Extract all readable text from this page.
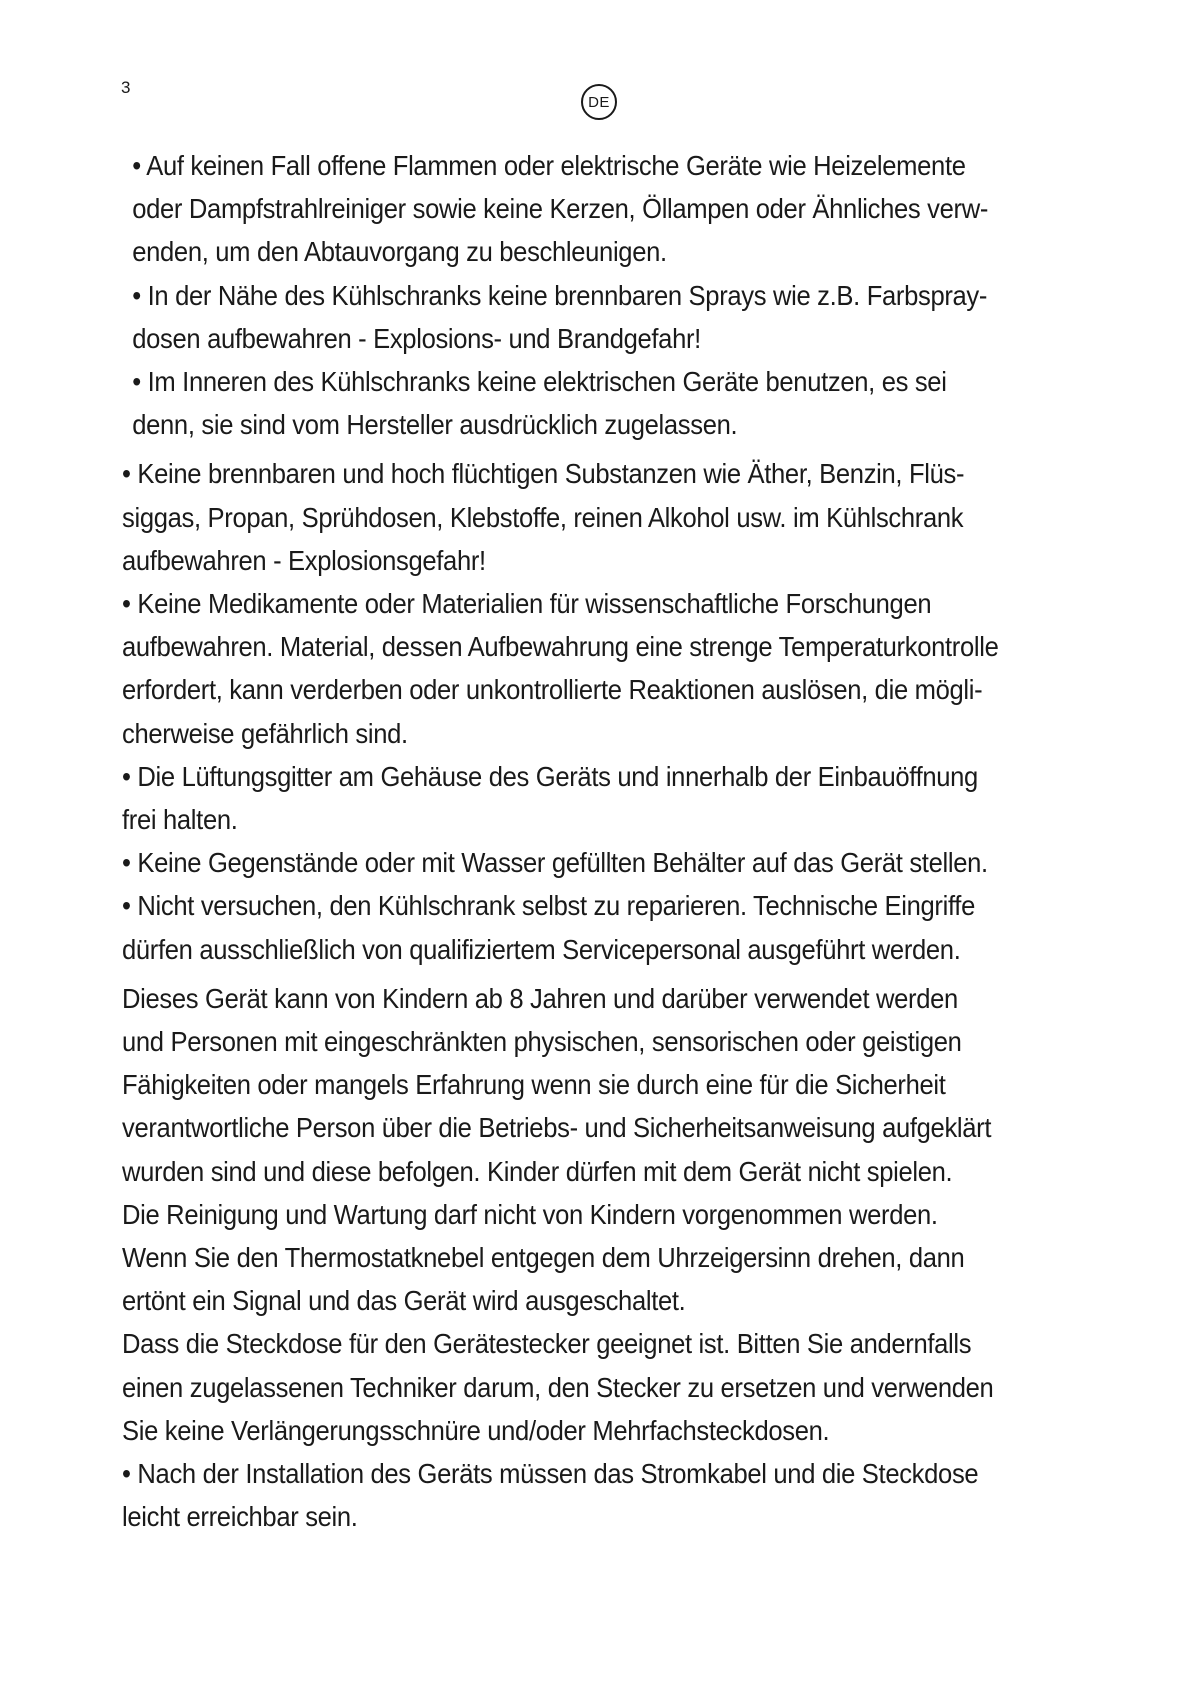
3
DE

• Auf keinen Fall offene Flammen oder elektrische Geräte wie Heizelemente

oder Dampfstrahlreiniger sowie keine Kerzen, Öllampen oder Ähnliches verw-

enden, um den Abtauvorgang zu beschleunigen.

• In der Nähe des Kühlschranks keine brennbaren Sprays wie z.B. Farbspray-

dosen aufbewahren - Explosions- und Brandgefahr!

• Im Inneren des Kühlschranks keine elektrischen Geräte benutzen, es sei

denn, sie sind vom Hersteller ausdrücklich zugelassen.

• Keine brennbaren und hoch flüchtigen Substanzen wie Äther, Benzin, Flüs-

siggas, Propan, Sprühdosen, Klebstoffe, reinen Alkohol usw. im Kühlschrank

aufbewahren - Explosionsgefahr!

• Keine Medikamente oder Materialien für wissenschaftliche Forschungen

aufbewahren. Material, dessen Aufbewahrung eine strenge Temperaturkontrolle

erfordert, kann verderben oder unkontrollierte Reaktionen auslösen, die mögli-

cherweise gefährlich sind.

• Die Lüftungsgitter am Gehäuse des Geräts und innerhalb der Einbauöffnung

frei halten.

• Keine Gegenstände oder mit Wasser gefüllten Behälter auf das Gerät stellen.

• Nicht versuchen, den Kühlschrank selbst zu reparieren. Technische Eingriffe

dürfen ausschließlich von qualifiziertem Servicepersonal ausgeführt werden.

Dieses Gerät kann von Kindern ab 8 Jahren und darüber verwendet werden

und Personen mit eingeschränkten physischen, sensorischen oder geistigen

Fähigkeiten oder mangels Erfahrung wenn sie durch eine für die Sicherheit

verantwortliche Person über die Betriebs- und Sicherheitsanweisung aufgeklärt

wurden sind und diese befolgen. Kinder dürfen mit dem Gerät nicht spielen.

Die Reinigung und Wartung darf nicht von Kindern vorgenommen werden.

Wenn Sie den Thermostatknebel entgegen dem Uhrzeigersinn drehen, dann

ertönt ein Signal und das Gerät wird ausgeschaltet.

Dass die Steckdose für den Gerätestecker geeignet ist. Bitten Sie andernfalls

einen zugelassenen Techniker darum, den Stecker zu ersetzen und verwenden

Sie keine Verlängerungsschnüre und/oder Mehrfachsteckdosen.

• Nach der Installation des Geräts müssen das Stromkabel und die Steckdose

leicht erreichbar sein.
